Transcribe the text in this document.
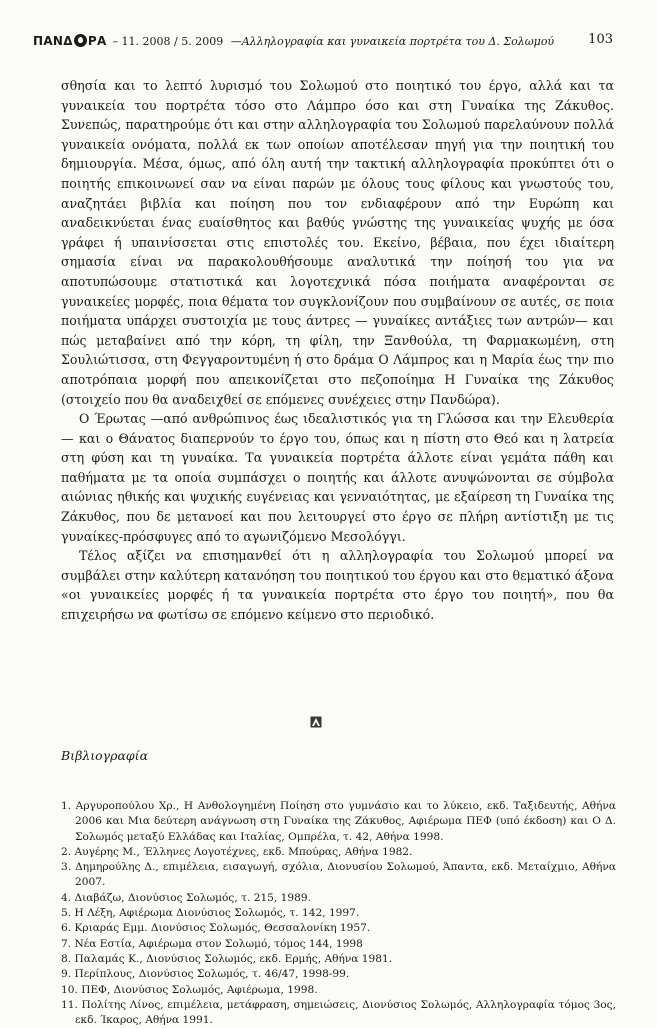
ΠΑΝΔ ΡΑ – 11. 2008 / 5. 2009 —Αλληλογραφία και γυναικεία πορτρέτα του Δ. Σολωμού	103

σθησία και το λεπτό λυρισμό του Σολωμού στο ποιητικό του έργο, αλλά και τα γυναικεία του πορτρέτα τόσο στο Λάμπρο όσο και στη Γυναίκα της Ζάκυθος. Συνεπώς, παρατηρούμε ότι και στην αλληλογραφία του Σολωμού παρελαύνουν πολλά γυναικεία ονόματα, πολλά εκ των οποίων αποτέλεσαν πηγή για την ποιητική του δημιουργία. Μέσα, όμως, από όλη αυτή την τακτική αλληλογραφία προκύπτει ότι ο ποιητής επικοινωνεί σαν να είναι παρών με όλους τους φίλους και γνωστούς του, αναζητάει βιβλία και ποίηση που τον ενδιαφέρουν από την Ευρώπη και αναδεικνύεται ένας ευαίσθητος και βαθύς γνώστης της γυναικείας ψυχής με όσα γράφει ή υπαινίσσεται στις επιστολές του. Εκείνο, βέβαια, που έχει ιδιαίτερη σημασία είναι να παρακολουθήσουμε αναλυτικά την ποίησή του για να αποτυπώσουμε στατιστικά και λογοτεχνικά πόσα ποιήματα αναφέρονται σε γυναικείες μορφές, ποια θέματα τον συγκλονίζουν που συμβαίνουν σε αυτές, σε ποια ποιήματα υπάρχει συστοιχία με τους άντρες — γυναίκες αντάξιες των αντρών— και πώς μεταβαίνει από την κόρη, τη φίλη, την Ξανθούλα, τη Φαρμακωμένη, στη Σουλιώτισσα, στη Φεγγαροντυμένη ή στο δράμα Ο Λάμπρος και η Μαρία έως την πιο αποτρόπαια μορφή που απεικονίζεται στο πεζοποίημα Η Γυναίκα της Ζάκυθος (στοιχείο που θα αναδειχθεί σε επόμενες συνέχειες στην Πανδώρα).

Ο Έρωτας —από ανθρώπινος έως ιδεαλιστικός για τη Γλώσσα και την Ελευθερία— και ο Θάνατος διαπερνούν το έργο του, όπως και η πίστη στο Θεό και η λατρεία στη φύση και τη γυναίκα. Τα γυναικεία πορτρέτα άλλοτε είναι γεμάτα πάθη και παθήματα με τα οποία συμπάσχει ο ποιητής και άλλοτε ανυψώνονται σε σύμβολα αιώνιας ηθικής και ψυχικής ευγένειας και γενναιότητας, με εξαίρεση τη Γυναίκα της Ζάκυθος, που δε μετανοεί και που λειτουργεί στο έργο σε πλήρη αντίστιξη με τις γυναίκες-πρόσφυγες από το αγωνιζόμενο Μεσολόγγι.

Τέλος αξίζει να επισημανθεί ότι η αλληλογραφία του Σολωμού μπορεί να συμβάλει στην καλύτερη κατανόηση του ποιητικού του έργου και στο θεματικό άξονα «οι γυναικείες μορφές ή τα γυναικεία πορτρέτα στο έργο του ποιητή», που θα επιχειρήσω να φωτίσω σε επόμενο κείμενο στο περιοδικό.

Βιβλιογραφία
1. Αργυροπούλου Χρ., Η Ανθολογημένη Ποίηση στο γυμνάσιο και το λύκειο, εκδ. Ταξιδευτής, Αθήνα 2006 και Μια δεύτερη ανάγνωση στη Γυναίκα της Ζάκυθος, Αφιέρωμα ΠΕΦ (υπό έκδοση) και Ο Δ. Σολωμός μεταξύ Ελλάδας και Ιταλίας, Ομπρέλα, τ. 42, Αθήνα 1998.
2. Αυγέρης Μ., Έλληνες Λογοτέχνες, εκδ. Μπούρας, Αθήνα 1982.
3. Δημηρούλης Δ., επιμέλεια, εισαγωγή, σχόλια, Διονυσίου Σολωμού, Άπαντα, εκδ. Μεταίχμιο, Αθήνα 2007.
4. Διαβάζω, Διονύσιος Σολωμός, τ. 215, 1989.
5. Η Λέξη, Αφιέρωμα Διονύσιος Σολωμός, τ. 142, 1997.
6. Κριαράς Εμμ. Διονύσιος Σολωμός, Θεσσαλονίκη 1957.
7. Νέα Εστία, Αφιέρωμα στον Σολωμό, τόμος 144, 1998
8. Παλαμάς Κ., Διονύσιος Σολωμός, εκδ. Ερμής, Αθήνα 1981.
9. Περίπλους, Διονύσιος Σολωμός, τ. 46/47, 1998-99.
10. ΠΕΦ, Διονύσιος Σολωμός, Αφιέρωμα, 1998.
11. Πολίτης Λίνος, επιμέλεια, μετάφραση, σημειώσεις, Διονύσιος Σολωμός, Αλληλογραφία τόμος 3ος, εκδ. Ίκαρος, Αθήνα 1991.
